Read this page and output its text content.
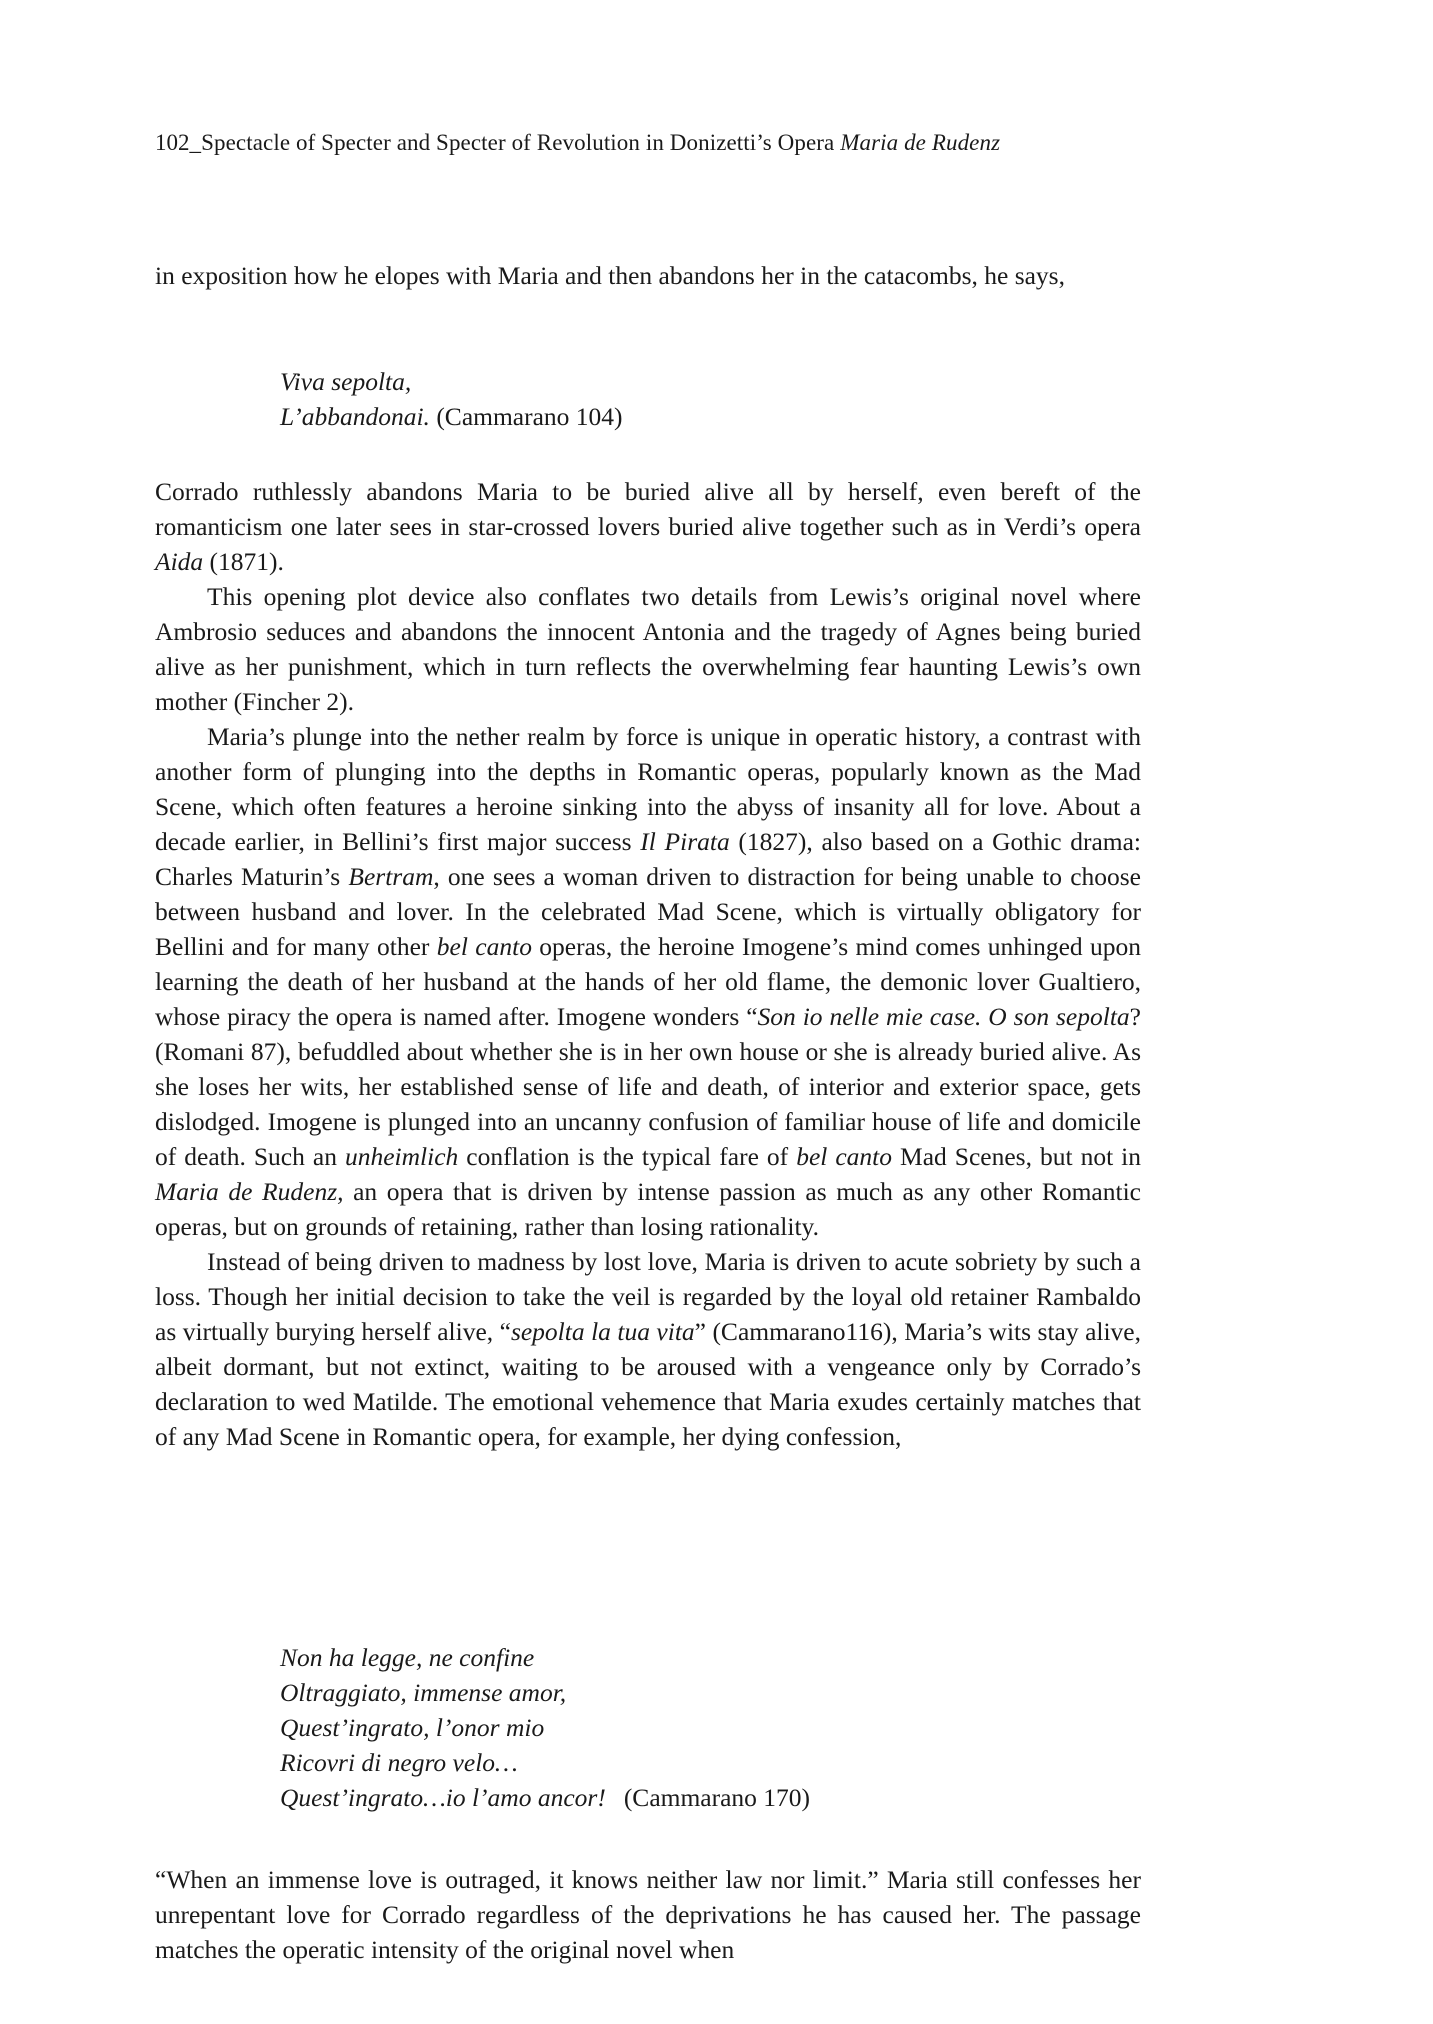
102_Spectacle of Specter and Specter of Revolution in Donizetti’s Opera Maria de Rudenz

in exposition how he elopes with Maria and then abandons her in the catacombs, he says,

Viva sepolta,
L’abbandonai. (Cammarano 104)

Corrado ruthlessly abandons Maria to be buried alive all by herself, even bereft of the romanticism one later sees in star-crossed lovers buried alive together such as in Verdi’s opera Aida (1871).

This opening plot device also conflates two details from Lewis’s original novel where Ambrosio seduces and abandons the innocent Antonia and the tragedy of Agnes being buried alive as her punishment, which in turn reflects the overwhelming fear haunting Lewis’s own mother (Fincher 2).

Maria’s plunge into the nether realm by force is unique in operatic history, a contrast with another form of plunging into the depths in Romantic operas, popularly known as the Mad Scene, which often features a heroine sinking into the abyss of insanity all for love. About a decade earlier, in Bellini’s first major success Il Pirata (1827), also based on a Gothic drama: Charles Maturin’s Bertram, one sees a woman driven to distraction for being unable to choose between husband and lover. In the celebrated Mad Scene, which is virtually obligatory for Bellini and for many other bel canto operas, the heroine Imogene’s mind comes unhinged upon learning the death of her husband at the hands of her old flame, the demonic lover Gualtiero, whose piracy the opera is named after. Imogene wonders “Son io nelle mie case. O son sepolta? (Romani 87), befuddled about whether she is in her own house or she is already buried alive. As she loses her wits, her established sense of life and death, of interior and exterior space, gets dislodged. Imogene is plunged into an uncanny confusion of familiar house of life and domicile of death. Such an unheimlich conflation is the typical fare of bel canto Mad Scenes, but not in Maria de Rudenz, an opera that is driven by intense passion as much as any other Romantic operas, but on grounds of retaining, rather than losing rationality.

Instead of being driven to madness by lost love, Maria is driven to acute sobriety by such a loss. Though her initial decision to take the veil is regarded by the loyal old retainer Rambaldo as virtually burying herself alive, “sepolta la tua vita” (Cammarano116), Maria’s wits stay alive, albeit dormant, but not extinct, waiting to be aroused with a vengeance only by Corrado’s declaration to wed Matilde. The emotional vehemence that Maria exudes certainly matches that of any Mad Scene in Romantic opera, for example, her dying confession,

Non ha legge, ne confine
Oltraggiato, immense amor,
Quest’ingrato, l’onor mio
Ricovri di negro velo…
Quest’ingrato…io l’amo ancor! (Cammarano 170)

“When an immense love is outraged, it knows neither law nor limit.” Maria still confesses her unrepentant love for Corrado regardless of the deprivations he has caused her. The passage matches the operatic intensity of the original novel when
